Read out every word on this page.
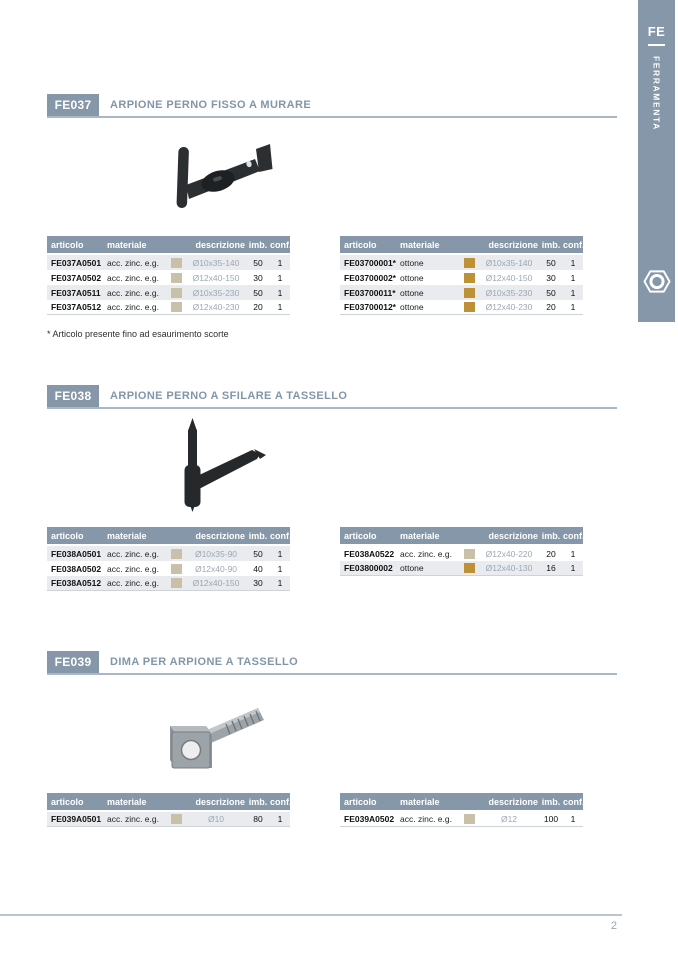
FE
FERRAMENTA
FE037	ARPIONE PERNO FISSO A MURARE
articolo	materiale	descrizione imb. conf.
FE037A0501 acc. zinc. e.g.	Ø10x35-140	50	1
FE037A0502 acc. zinc. e.g.	Ø12x40-150	30	1
FE037A0511 acc. zinc. e.g.	Ø10x35-230	50	1
FE037A0512 acc. zinc. e.g.	Ø12x40-230	20	1
articolo	materiale	descrizione imb. conf.
FE03700001* ottone	Ø10x35-140	50	1
FE03700002* ottone	Ø12x40-150	30	1
FE03700011* ottone	Ø10x35-230	50	1
FE03700012* ottone	Ø12x40-230	20	1
* Articolo presente fino ad esaurimento scorte
FE038	ARPIONE PERNO A SFILARE A TASSELLO
articolo	materiale	descrizione imb. conf.
FE038A0501 acc. zinc. e.g.	Ø10x35-90	50	1
FE038A0502 acc. zinc. e.g.	Ø12x40-90	40	1
FE038A0512 acc. zinc. e.g.	Ø12x40-150	30	1
articolo	materiale	descrizione imb. conf.
FE038A0522 acc. zinc. e.g.	Ø12x40-220	20	1
FE03800002 ottone	Ø12x40-130	16	1
FE039	DIMA PER ARPIONE A TASSELLO
articolo	materiale	descrizione imb. conf.
FE039A0501 acc. zinc. e.g.	Ø10	80	1
articolo	materiale	descrizione imb. conf.
FE039A0502 acc. zinc. e.g.	Ø12	100	1
2
